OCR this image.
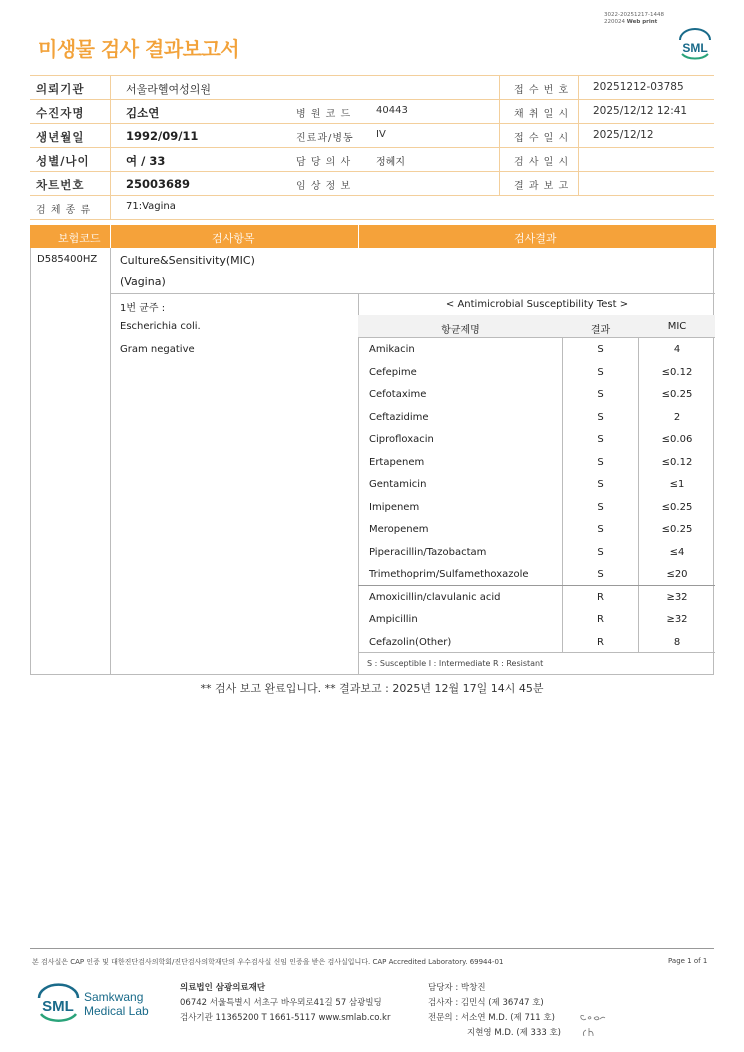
3022-20251217-1448
220024 Web print
미생물 검사 결과보고서	SML
의뢰기관	서울라헬여성의원	접 수 번 호 20251212-03785
수진자명	김소연	병 원 코 드 40443	채 취 일 시 2025/12/12 12:41
생년월일	1992/09/11	진료과/병동 IV	접 수 일 시 2025/12/12
성별/나이	여 / 33	담 당 의 사 정혜지	검 사 일 시
차트번호	25003689	임 상 정 보	결 과 보 고
검 체 종 류	71:Vagina
보험코드	검사항목	검사결과
D585400HZ Culture&Sensitivity(MIC)
(Vagina)
1번 균주 :
Escherichia coli.
Gram negative
< Antimicrobial Susceptibility Test >
항균제명	결과	MIC
Amikacin	S	4
Cefepime	S	≤0.12
Cefotaxime	S	≤0.25
Ceftazidime	S	2
Ciprofloxacin	S	≤0.06
Ertapenem	S	≤0.12
Gentamicin	S	≤1
Imipenem	S	≤0.25
Meropenem	S	≤0.25
Piperacillin/Tazobactam	S	≤4
Trimethoprim/Sulfamethoxazole	S	≤20
Amoxicillin/clavulanic acid	R	≥32
Ampicillin	R	≥32
Cefazolin(Other)	R	8
S : Susceptible I : Intermediate R : Resistant
** 검사 보고 완료입니다. ** 결과보고 : 2025년 12월 17일 14시 45분
본 검사실은 CAP 인증 및 대한진단검사의학회/진단검사의학재단의 우수검사실 신임 인증을 받은 검사실입니다. CAP Accredited Laboratory. 69944-01	Page 1 of 1
SML
Samkwang
Medical Lab
의료법인 삼광의료재단
06742 서울특별시 서초구 바우뫼로41길 57 삼광빌딩
검사기관 11365200 T 1661-5117 www.smlab.co.kr
담당자 : 박창진
검사자 : 김민식 (제 36747 호)
전문의 : 서소연 M.D. (제 711 호)
지현영 M.D. (제 333 호)
